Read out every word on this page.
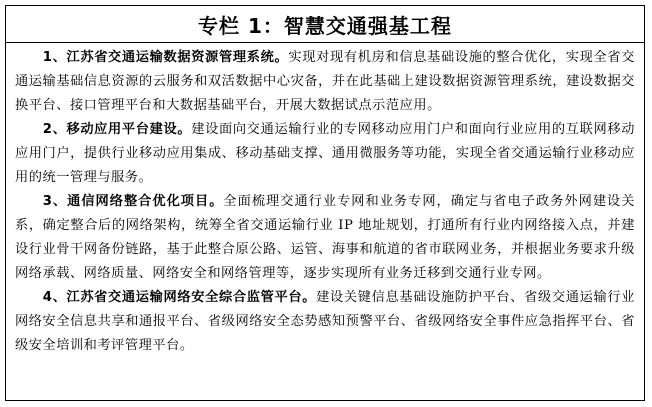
专栏 1：智慧交通强基工程

1、江苏省交通运输数据资源管理系统。实现对现有机房和信息基础设施的整合优化，实现全省交通运输基础信息资源的云服务和双活数据中心灾备，并在此基础上建设数据资源管理系统，建设数据交换平台、接口管理平台和大数据基础平台，开展大数据试点示范应用。

2、移动应用平台建设。建设面向交通运输行业的专网移动应用门户和面向行业应用的互联网移动应用门户，提供行业移动应用集成、移动基础支撑、通用微服务等功能，实现全省交通运输行业移动应用的统一管理与服务。

3、通信网络整合优化项目。全面梳理交通行业专网和业务专网，确定与省电子政务外网建设关系，确定整合后的网络架构，统筹全省交通运输行业 IP 地址规划，打通所有行业内网络接入点，并建设行业骨干网备份链路，基于此整合原公路、运管、海事和航道的省市联网业务，并根据业务要求升级网络承载、网络质量、网络安全和网络管理等，逐步实现所有业务迁移到交通行业专网。

4、江苏省交通运输网络安全综合监管平台。建设关键信息基础设施防护平台、省级交通运输行业网络安全信息共享和通报平台、省级网络安全态势感知预警平台、省级网络安全事件应急指挥平台、省级安全培训和考评管理平台。
